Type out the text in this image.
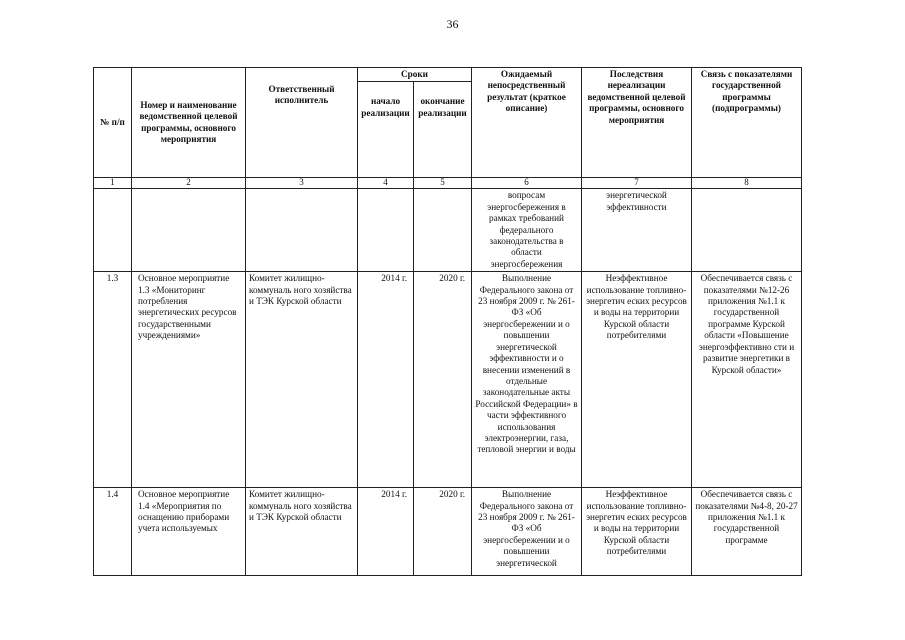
36
№ п/п	Номер и наименование ведомственной целевой программы, основного мероприятия	Ответственный исполнитель	Сроки		Ожидаемый непосредственный результат (краткое описание)	Последствия нереализации ведомственной целевой программы, основного мероприятия	Связь с показателями государственной программы (подпрограммы)
			начало реализации	окончание реализации			
1	2	3	4	5	6	7	8
					вопросам энергосбережения в рамках требований федерального законодательства в области энергосбережения	энергетической эффективности	
1.3	Основное мероприятие 1.3 «Мониторинг потребления энергетических ресурсов государственными учреждениями»	Комитет жилищно-коммуналь ного хозяйства и ТЭК Курской области	2014 г.	2020 г.	Выполнение Федерального закона от 23 ноября 2009 г. № 261-ФЗ «Об энергосбережении и о повышении энергетической эффективности и о внесении изменений в отдельные законодательные акты Российской Федерации» в части эффективного использования электроэнергии, газа, тепловой энергии и воды	Неэффективное использование топливно-энергетич еских ресурсов и воды на территории Курской области потребителями	Обеспечивается связь с показателями №12-26 приложения №1.1 к государственной программе Курской области «Повышение энергоэффективно сти и развитие энергетики в Курской области»
1.4	Основное мероприятие 1.4 «Мероприятия по оснащению приборами учета используемых	Комитет жилищно-коммуналь ного хозяйства и ТЭК Курской области	2014 г.	2020 г.	Выполнение Федерального закона от 23 ноября 2009 г. № 261-ФЗ «Об энергосбережении и о повышении энергетической	Неэффективное использование топливно-энергетич еских ресурсов и воды на территории Курской области потребителями	Обеспечивается связь с показателями №4-8, 20-27 приложения №1.1 к государственной программе
